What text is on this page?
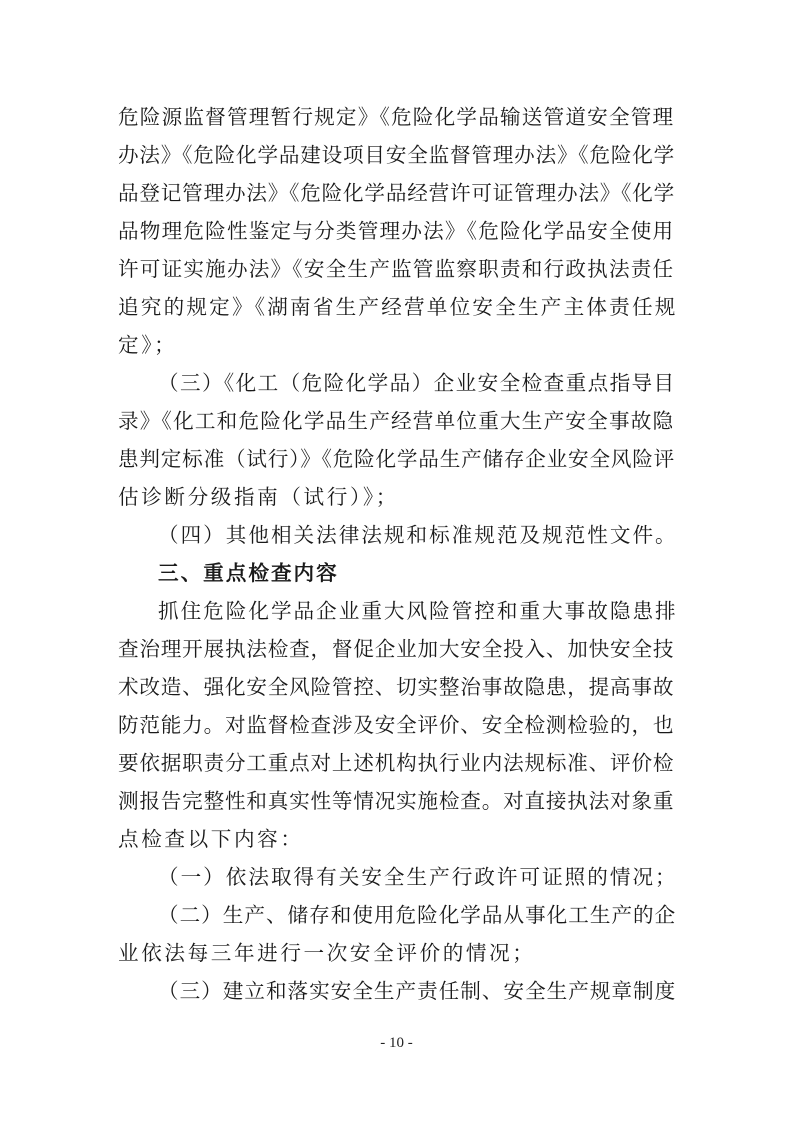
危险源监督管理暂行规定》《危险化学品输送管道安全管理
办法》《危险化学品建设项目安全监督管理办法》《危险化学
品登记管理办法》《危险化学品经营许可证管理办法》《化学
品物理危险性鉴定与分类管理办法》《危险化学品安全使用
许可证实施办法》《安全生产监管监察职责和行政执法责任
追究的规定》《湖南省生产经营单位安全生产主体责任规
定》；
（三）《化工（危险化学品）企业安全检查重点指导目
录》《化工和危险化学品生产经营单位重大生产安全事故隐
患判定标准（试行）》《危险化学品生产储存企业安全风险评
估诊断分级指南（试行）》；
（四）其他相关法律法规和标准规范及规范性文件。
三、重点检查内容
抓住危险化学品企业重大风险管控和重大事故隐患排
查治理开展执法检查，督促企业加大安全投入、加快安全技
术改造、强化安全风险管控、切实整治事故隐患，提高事故
防范能力。对监督检查涉及安全评价、安全检测检验的，也
要依据职责分工重点对上述机构执行业内法规标准、评价检
测报告完整性和真实性等情况实施检查。对直接执法对象重
点检查以下内容：
（一）依法取得有关安全生产行政许可证照的情况；
（二）生产、储存和使用危险化学品从事化工生产的企
业依法每三年进行一次安全评价的情况；
（三）建立和落实安全生产责任制、安全生产规章制度
- 10 -
